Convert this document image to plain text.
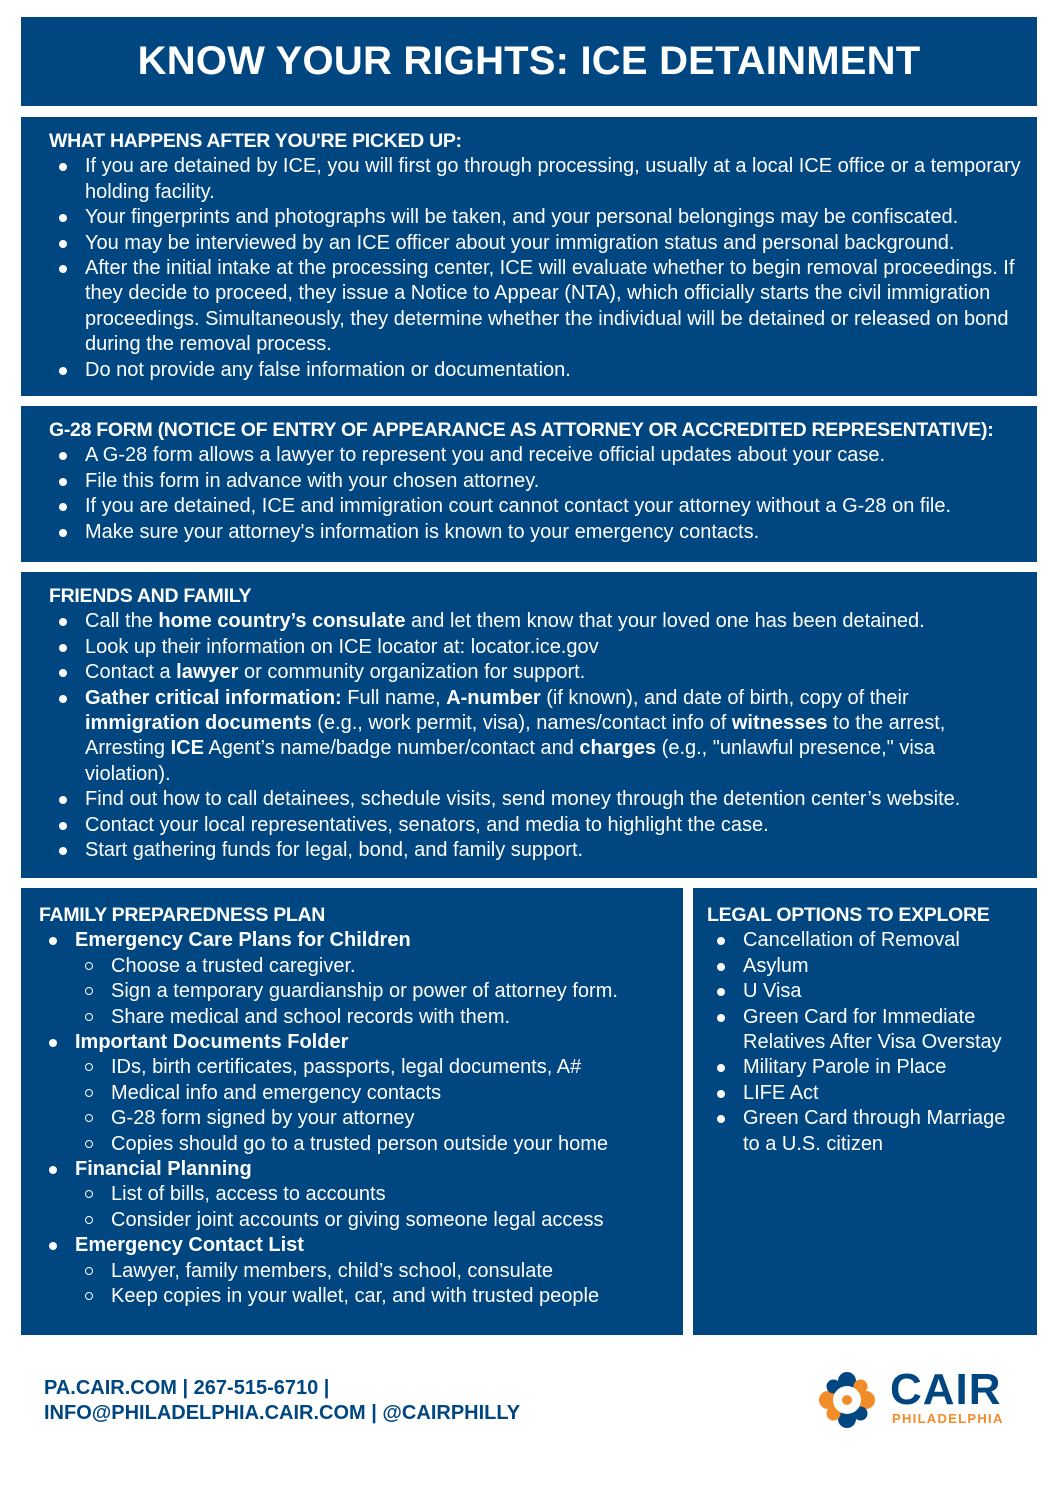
KNOW YOUR RIGHTS: ICE DETAINMENT
WHAT HAPPENS AFTER YOU'RE PICKED UP:
If you are detained by ICE, you will first go through processing, usually at a local ICE office or a temporary holding facility.
Your fingerprints and photographs will be taken, and your personal belongings may be confiscated.
You may be interviewed by an ICE officer about your immigration status and personal background.
After the initial intake at the processing center, ICE will evaluate whether to begin removal proceedings. If they decide to proceed, they issue a Notice to Appear (NTA), which officially starts the civil immigration proceedings. Simultaneously, they determine whether the individual will be detained or released on bond during the removal process.
Do not provide any false information or documentation.
G-28 FORM (NOTICE OF ENTRY OF APPEARANCE AS ATTORNEY OR ACCREDITED REPRESENTATIVE):
A G-28 form allows a lawyer to represent you and receive official updates about your case.
File this form in advance with your chosen attorney.
If you are detained, ICE and immigration court cannot contact your attorney without a G-28 on file.
Make sure your attorney's information is known to your emergency contacts.
FRIENDS AND FAMILY
Call the home country’s consulate and let them know that your loved one has been detained.
Look up their information on ICE locator at: locator.ice.gov
Contact a lawyer or community organization for support.
Gather critical information: Full name, A-number (if known), and date of birth, copy of their immigration documents (e.g., work permit, visa), names/contact info of witnesses to the arrest, Arresting ICE Agent’s name/badge number/contact and charges (e.g., "unlawful presence," visa violation).
Find out how to call detainees, schedule visits, send money through the detention center’s website.
Contact your local representatives, senators, and media to highlight the case.
Start gathering funds for legal, bond, and family support.
FAMILY PREPAREDNESS PLAN
Emergency Care Plans for Children
Choose a trusted caregiver.
Sign a temporary guardianship or power of attorney form.
Share medical and school records with them.
Important Documents Folder
IDs, birth certificates, passports, legal documents, A#
Medical info and emergency contacts
G-28 form signed by your attorney
Copies should go to a trusted person outside your home
Financial Planning
List of bills, access to accounts
Consider joint accounts or giving someone legal access
Emergency Contact List
Lawyer, family members, child’s school, consulate
Keep copies in your wallet, car, and with trusted people
LEGAL OPTIONS TO EXPLORE
Cancellation of Removal
Asylum
U Visa
Green Card for Immediate Relatives After Visa Overstay
Military Parole in Place
LIFE Act
Green Card through Marriage to a U.S. citizen
PA.CAIR.COM | 267-515-6710 |
INFO@PHILADELPHIA.CAIR.COM | @CAIRPHILLY	CAIR
PHILADELPHIA
